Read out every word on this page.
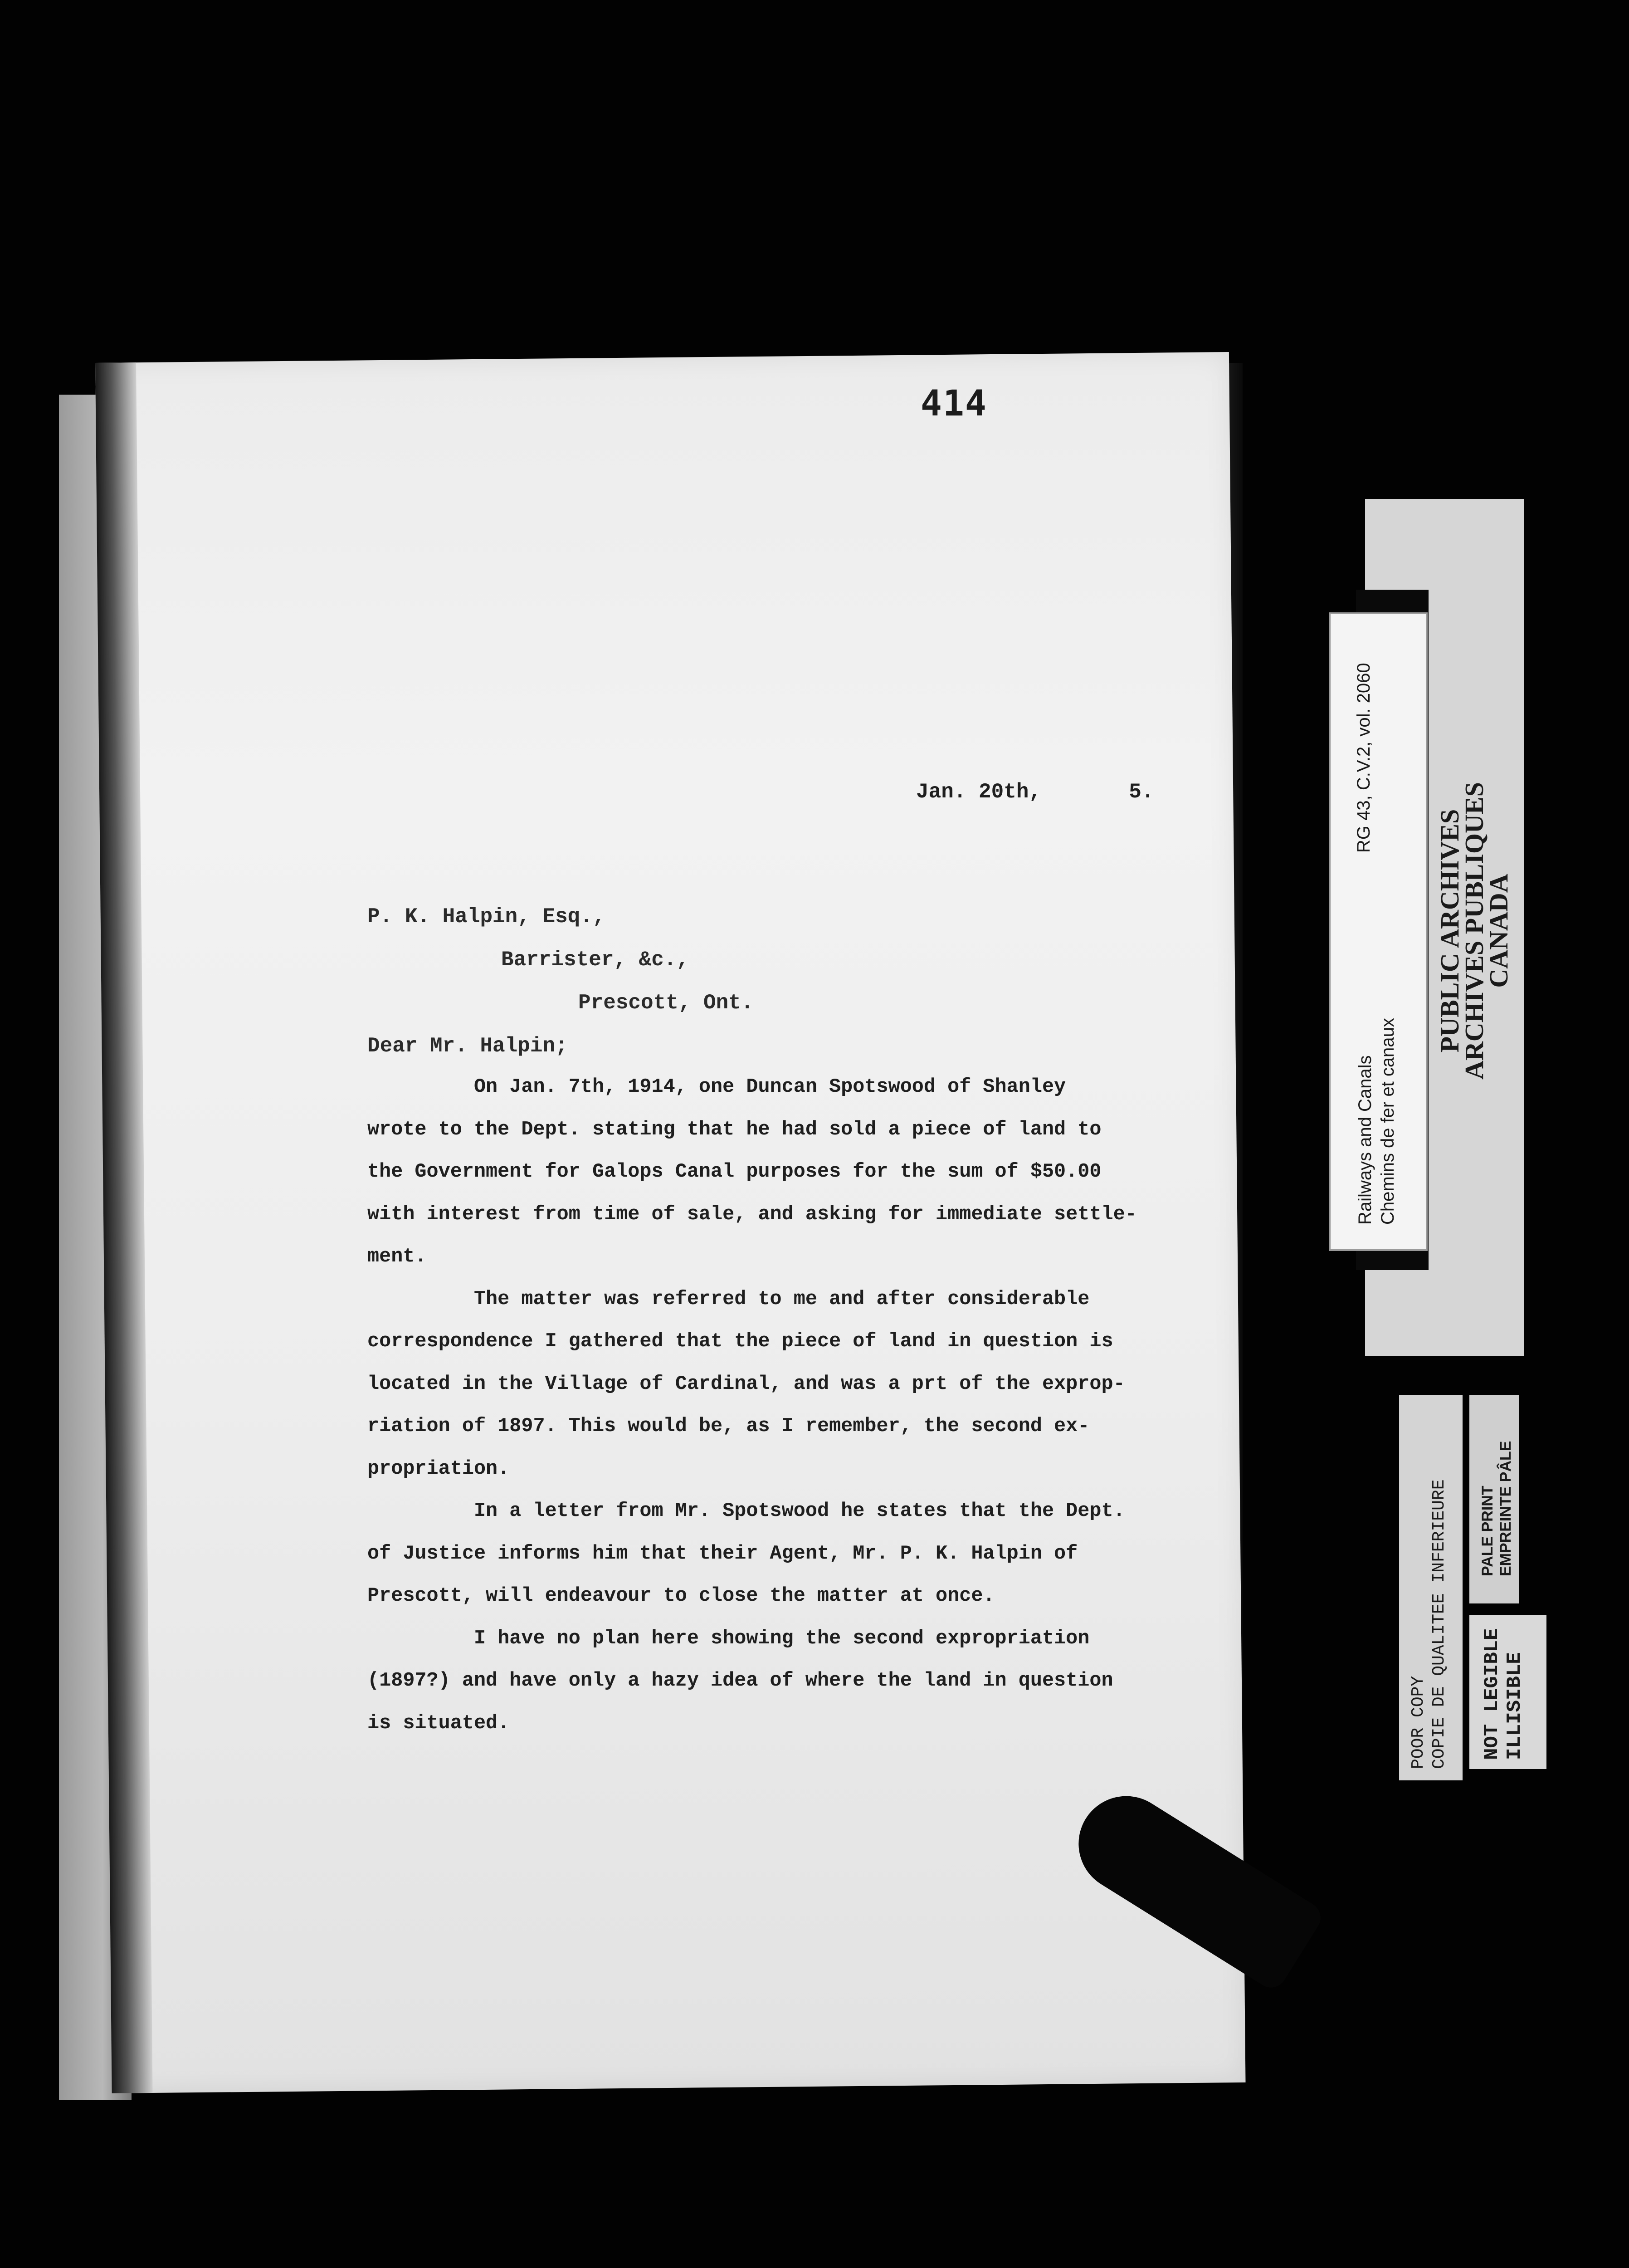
414
Jan. 20th,       5.
P. K. Halpin, Esq.,
Barrister, &c.,
Prescott, Ont.
Dear Mr. Halpin;
On Jan. 7th, 1914, one Duncan Spotswood of Shanley
wrote to the Dept. stating that he had sold a piece of land to
the Government for Galops Canal purposes for the sum of $50.00
with interest from time of sale, and asking for immediate settle-
ment.
The matter was referred to me and after considerable
correspondence I gathered that the piece of land in question is
located in the Village of Cardinal, and was a prt of the exprop-
riation of 1897. This would be, as I remember, the second ex-
propriation.
In a letter from Mr. Spotswood he states that the Dept.
of Justice informs him that their Agent, Mr. P. K. Halpin of
Prescott, will endeavour to close the matter at once.
I have no plan here showing the second expropriation
(1897?) and have only a hazy idea of where the land in question
is situated.
RG 43, C.V.2, vol. 2060
Railways and Canals Chemins de fer et canaux
PUBLIC ARCHIVES
ARCHIVES PUBLIQUES
CANADA
POOR COPY COPIE DE QUALITEE INFERIEURE PALE PRINT EMPREINTE PÂLE
NOT LEGIBLE ILLISIBLE
